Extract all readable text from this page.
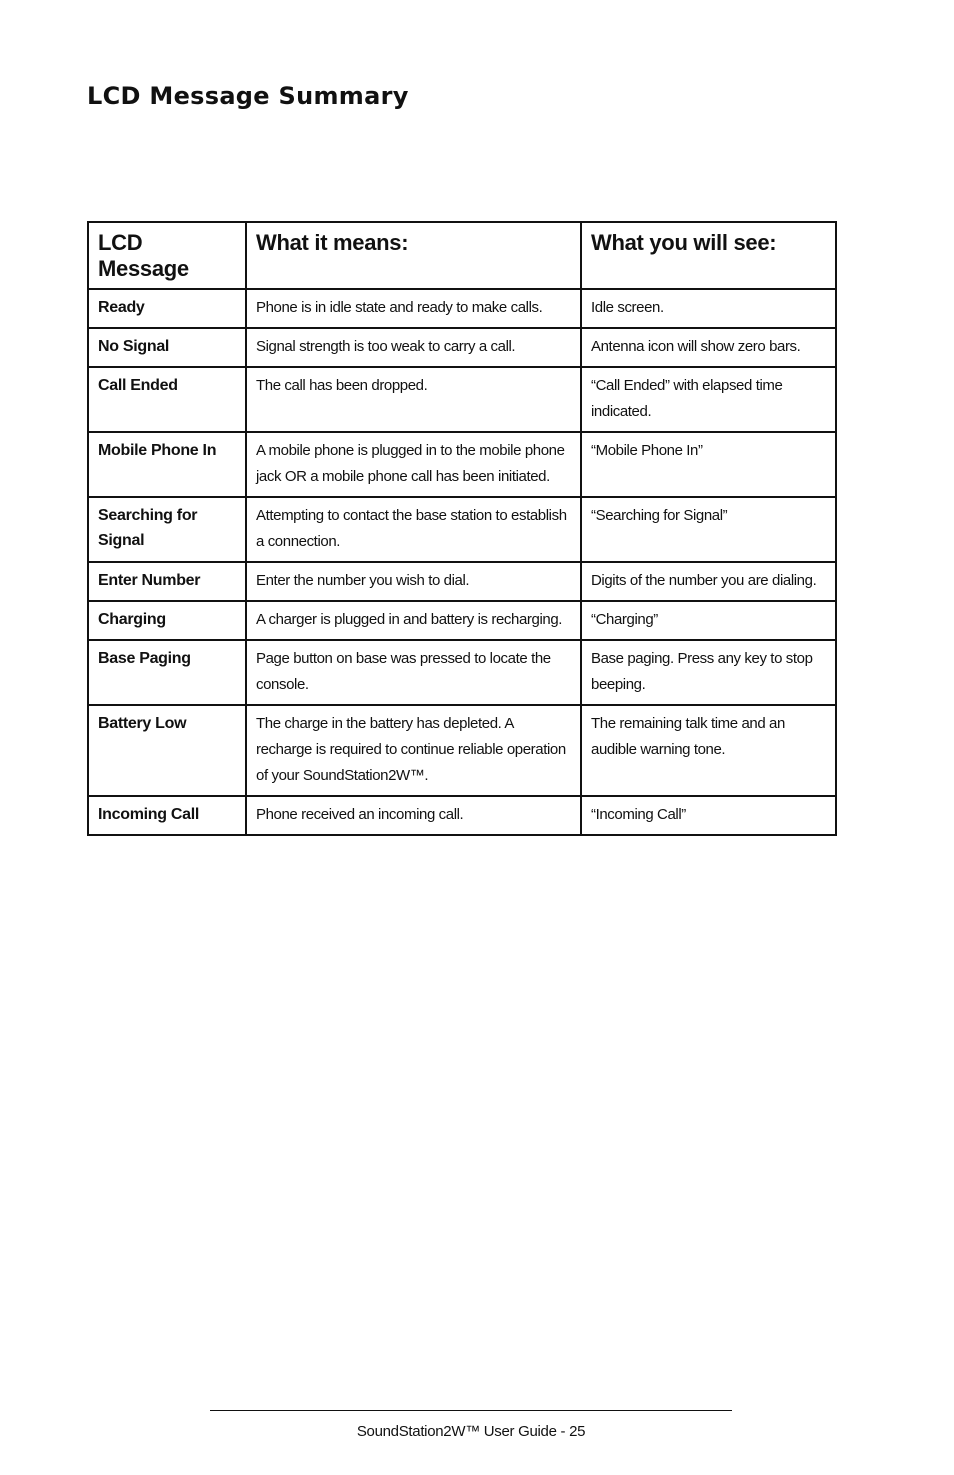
LCD Message Summary
LCD Message	What it means:	What you will see:
Ready	Phone is in idle state and ready to make calls.	Idle screen.
No Signal	Signal strength is too weak to carry a call.	Antenna icon will show zero bars.
Call Ended	The call has been dropped.	“Call Ended” with elapsed time indicated.
Mobile Phone In	A mobile phone is plugged in to the mobile phone jack OR a mobile phone call has been initiated.	“Mobile Phone In”
Searching for Signal	Attempting to contact the base station to establish a connection.	“Searching for Signal”
Enter Number	Enter the number you wish to dial.	Digits of the number you are dialing.
Charging	A charger is plugged in and battery is recharging.	“Charging”
Base Paging	Page button on base was pressed to locate the console.	Base paging. Press any key to stop beeping.
Battery Low	The charge in the battery has depleted. A recharge is required to continue reliable operation of your SoundStation2W™.	The remaining talk time and an audible warning tone.
Incoming Call	Phone received an incoming call.	“Incoming Call”
SoundStation2W™ User Guide - 25
